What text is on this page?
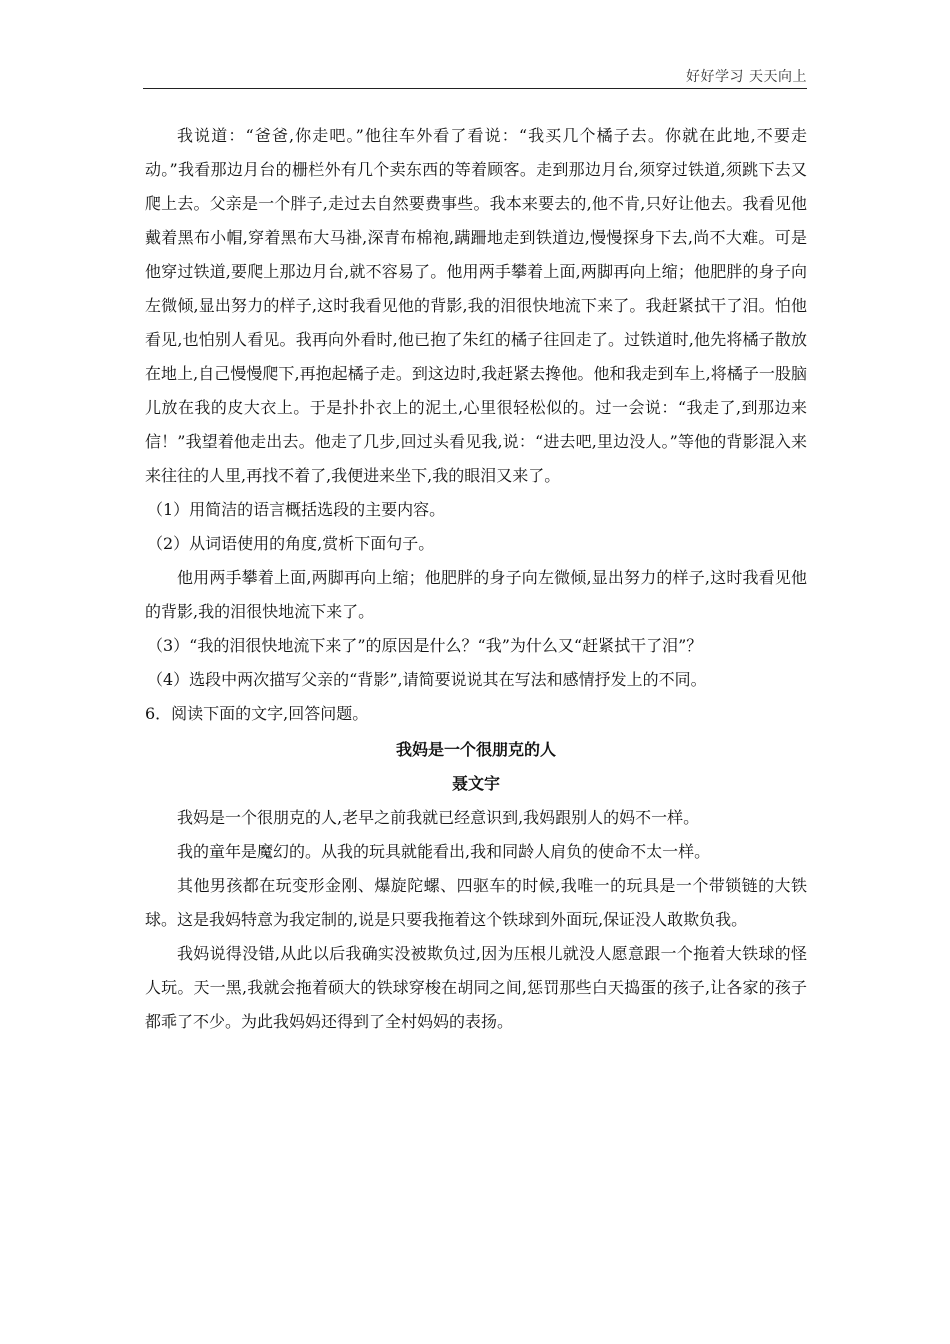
好好学习 天天向上

我说道：“爸爸,你走吧。”他往车外看了看说：“我买几个橘子去。你就在此地,不要走动。”我看那边月台的栅栏外有几个卖东西的等着顾客。走到那边月台,须穿过铁道,须跳下去又爬上去。父亲是一个胖子,走过去自然要费事些。我本来要去的,他不肯,只好让他去。我看见他戴着黑布小帽,穿着黑布大马褂,深青布棉袍,蹒跚地走到铁道边,慢慢探身下去,尚不大难。可是他穿过铁道,要爬上那边月台,就不容易了。他用两手攀着上面,两脚再向上缩；他肥胖的身子向左微倾,显出努力的样子,这时我看见他的背影,我的泪很快地流下来了。我赶紧拭干了泪。怕他看见,也怕别人看见。我再向外看时,他已抱了朱红的橘子往回走了。过铁道时,他先将橘子散放在地上,自己慢慢爬下,再抱起橘子走。到这边时,我赶紧去搀他。他和我走到车上,将橘子一股脑儿放在我的皮大衣上。于是扑扑衣上的泥土,心里很轻松似的。过一会说：“我走了,到那边来信！”我望着他走出去。他走了几步,回过头看见我,说：“进去吧,里边没人。”等他的背影混入来来往往的人里,再找不着了,我便进来坐下,我的眼泪又来了。

（1）用简洁的语言概括选段的主要内容。

（2）从词语使用的角度,赏析下面句子。

他用两手攀着上面,两脚再向上缩；他肥胖的身子向左微倾,显出努力的样子,这时我看见他的背影,我的泪很快地流下来了。

（3）“我的泪很快地流下来了”的原因是什么？“我”为什么又“赶紧拭干了泪”？

（4）选段中两次描写父亲的“背影”,请简要说说其在写法和感情抒发上的不同。

6．阅读下面的文字,回答问题。

我妈是一个很朋克的人

聂文宇

我妈是一个很朋克的人,老早之前我就已经意识到,我妈跟别人的妈不一样。

我的童年是魔幻的。从我的玩具就能看出,我和同龄人肩负的使命不太一样。

其他男孩都在玩变形金刚、爆旋陀螺、四驱车的时候,我唯一的玩具是一个带锁链的大铁球。这是我妈特意为我定制的,说是只要我拖着这个铁球到外面玩,保证没人敢欺负我。

我妈说得没错,从此以后我确实没被欺负过,因为压根儿就没人愿意跟一个拖着大铁球的怪人玩。天一黑,我就会拖着硕大的铁球穿梭在胡同之间,惩罚那些白天捣蛋的孩子,让各家的孩子都乖了不少。为此我妈妈还得到了全村妈妈的表扬。
